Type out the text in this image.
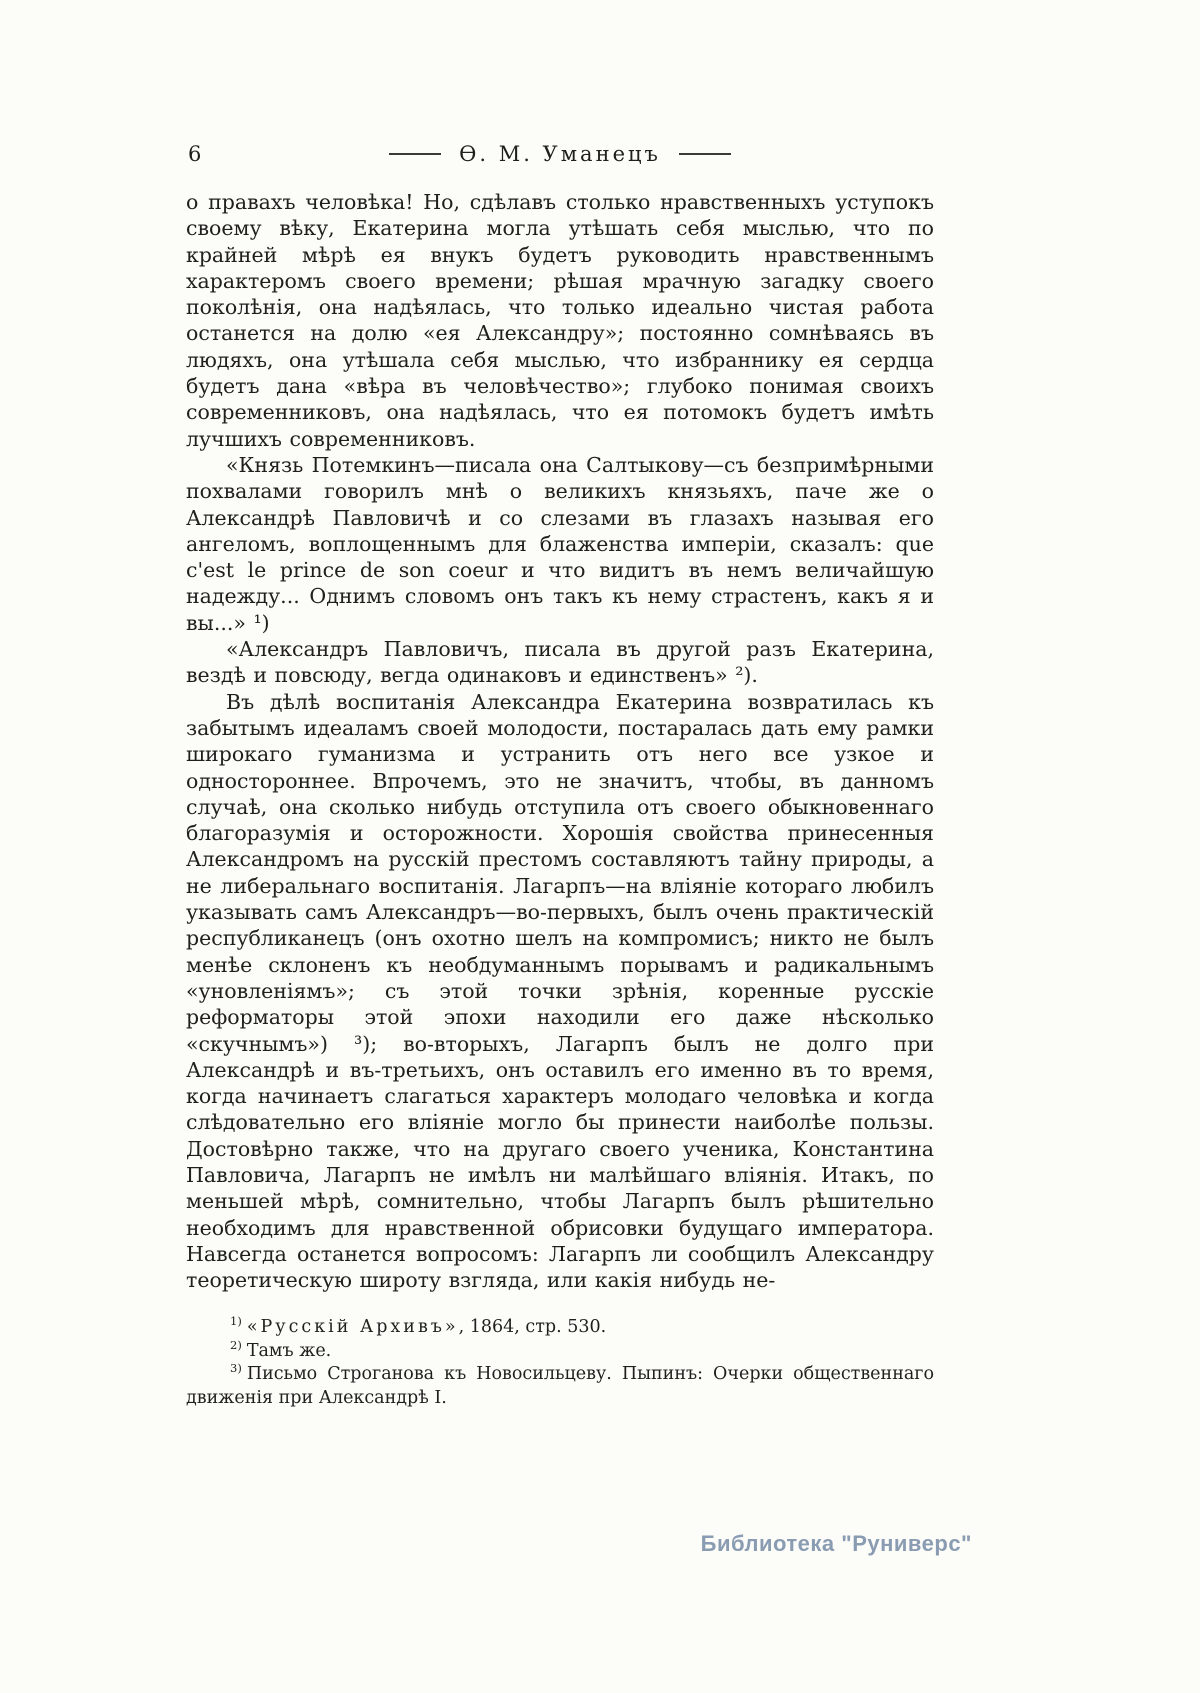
6	Ѳ. М. Уманецъ

о правахъ человѣка! Но, сдѣлавъ столько нравственныхъ уступокъ своему вѣку, Екатерина могла утѣшать себя мыслью, что по крайней мѣрѣ ея внукъ будетъ руководить нравственнымъ характеромъ своего времени; рѣшая мрачную загадку своего поколѣнія, она надѣялась, что только идеально чистая работа останется на долю «ея Александру»; постоянно сомнѣваясь въ людяхъ, она утѣшала себя мыслью, что избраннику ея сердца будетъ дана «вѣра въ человѣчество»; глубоко понимая своихъ современниковъ, она надѣялась, что ея потомокъ будетъ имѣть лучшихъ современниковъ.

«Князь Потемкинъ—писала она Салтыкову—съ безпримѣрными похвалами говорилъ мнѣ о великихъ князьяхъ, паче же о Александрѣ Павловичѣ и со слезами въ глазахъ называя его ангеломъ, воплощеннымъ для блаженства имперіи, сказалъ: que c'est le prince de son coeur и что видитъ въ немъ величайшую надежду... Однимъ словомъ онъ такъ къ нему страстенъ, какъ я и вы...» ¹)

«Александръ Павловичъ, писала въ другой разъ Екатерина, вездѣ и повсюду, вегда одинаковъ и единственъ» ²).

Въ дѣлѣ воспитанія Александра Екатерина возвратилась къ забытымъ идеаламъ своей молодости, постаралась дать ему рамки широкаго гуманизма и устранить отъ него все узкое и одностороннее. Впрочемъ, это не значитъ, чтобы, въ данномъ случаѣ, она сколько нибудь отступила отъ своего обыкновеннаго благоразумія и осторожности. Хорошія свойства принесенныя Александромъ на русскій престомъ составляютъ тайну природы, а не либеральнаго воспитанія. Лагарпъ—на вліяніе котораго любилъ указывать самъ Александръ—во-первыхъ, былъ очень практическій республиканецъ (онъ охотно шелъ на компромисъ; никто не былъ менѣе склоненъ къ необдуманнымъ порывамъ и радикальнымъ «уновленіямъ»; съ этой точки зрѣнія, коренные русскіе реформаторы этой эпохи находили его даже нѣсколько «скучнымъ») ³); во-вторыхъ, Лагарпъ былъ не долго при Александрѣ и въ-третьихъ, онъ оставилъ его именно въ то время, когда начинаетъ слагаться характеръ молодаго человѣка и когда слѣдовательно его вліяніе могло бы принести наиболѣе пользы. Достовѣрно также, что на другаго своего ученика, Константина Павловича, Лагарпъ не имѣлъ ни малѣйшаго вліянія. Итакъ, по меньшей мѣрѣ, сомнительно, чтобы Лагарпъ былъ рѣшительно необходимъ для нравственной обрисовки будущаго императора. Навсегда останется вопросомъ: Лагарпъ ли сообщилъ Александру теоретическую широту взгляда, или какія нибудь не-

$^{1)}$ «Русскій Архивъ», 1864, стр. 530.

$^{2)}$ Тамъ же.

$^{3)}$ Письмо Строганова къ Новосильцеву. Пыпинъ: Очерки общественнаго движенія при Александрѣ I.

Библиотека "Руниверс"
